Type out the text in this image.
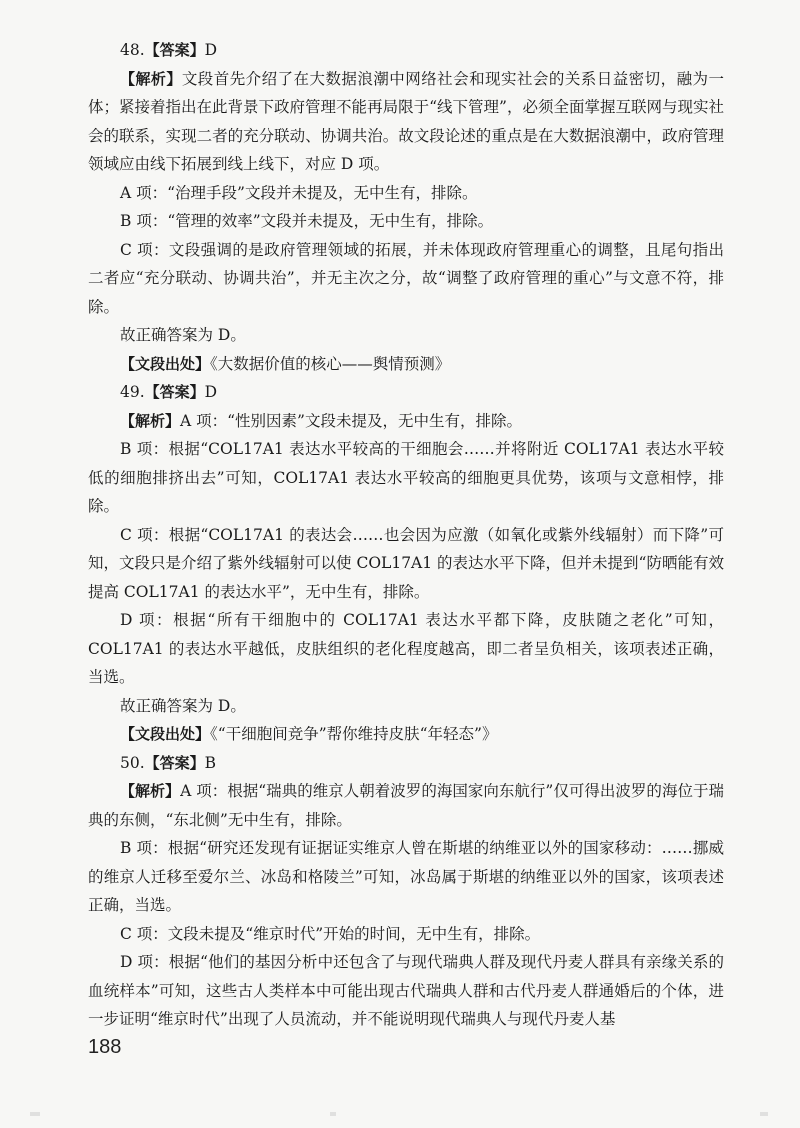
48.【答案】D

【解析】文段首先介绍了在大数据浪潮中网络社会和现实社会的关系日益密切，融为一体；紧接着指出在此背景下政府管理不能再局限于“线下管理”，必须全面掌握互联网与现实社会的联系，实现二者的充分联动、协调共治。故文段论述的重点是在大数据浪潮中，政府管理领域应由线下拓展到线上线下，对应 D 项。

A 项：“治理手段”文段并未提及，无中生有，排除。

B 项：“管理的效率”文段并未提及，无中生有，排除。

C 项：文段强调的是政府管理领域的拓展，并未体现政府管理重心的调整，且尾句指出二者应“充分联动、协调共治”，并无主次之分，故“调整了政府管理的重心”与文意不符，排除。

故正确答案为 D。

【文段出处】《大数据价值的核心——舆情预测》

49.【答案】D

【解析】A 项：“性别因素”文段未提及，无中生有，排除。

B 项：根据“COL17A1 表达水平较高的干细胞会……并将附近 COL17A1 表达水平较低的细胞排挤出去”可知，COL17A1 表达水平较高的细胞更具优势，该项与文意相悖，排除。

C 项：根据“COL17A1 的表达会……也会因为应激（如氧化或紫外线辐射）而下降”可知，文段只是介绍了紫外线辐射可以使 COL17A1 的表达水平下降，但并未提到“防晒能有效提高 COL17A1 的表达水平”，无中生有，排除。

D 项：根据“所有干细胞中的 COL17A1 表达水平都下降，皮肤随之老化”可知，COL17A1 的表达水平越低，皮肤组织的老化程度越高，即二者呈负相关，该项表述正确，当选。

故正确答案为 D。

【文段出处】《“干细胞间竞争”帮你维持皮肤“年轻态”》

50.【答案】B

【解析】A 项：根据“瑞典的维京人朝着波罗的海国家向东航行”仅可得出波罗的海位于瑞典的东侧，“东北侧”无中生有，排除。

B 项：根据“研究还发现有证据证实维京人曾在斯堪的纳维亚以外的国家移动：……挪威的维京人迁移至爱尔兰、冰岛和格陵兰”可知，冰岛属于斯堪的纳维亚以外的国家，该项表述正确，当选。

C 项：文段未提及“维京时代”开始的时间，无中生有，排除。

D 项：根据“他们的基因分析中还包含了与现代瑞典人群及现代丹麦人群具有亲缘关系的血统样本”可知，这些古人类样本中可能出现古代瑞典人群和古代丹麦人群通婚后的个体，进一步证明“维京时代”出现了人员流动，并不能说明现代瑞典人与现代丹麦人基

188
